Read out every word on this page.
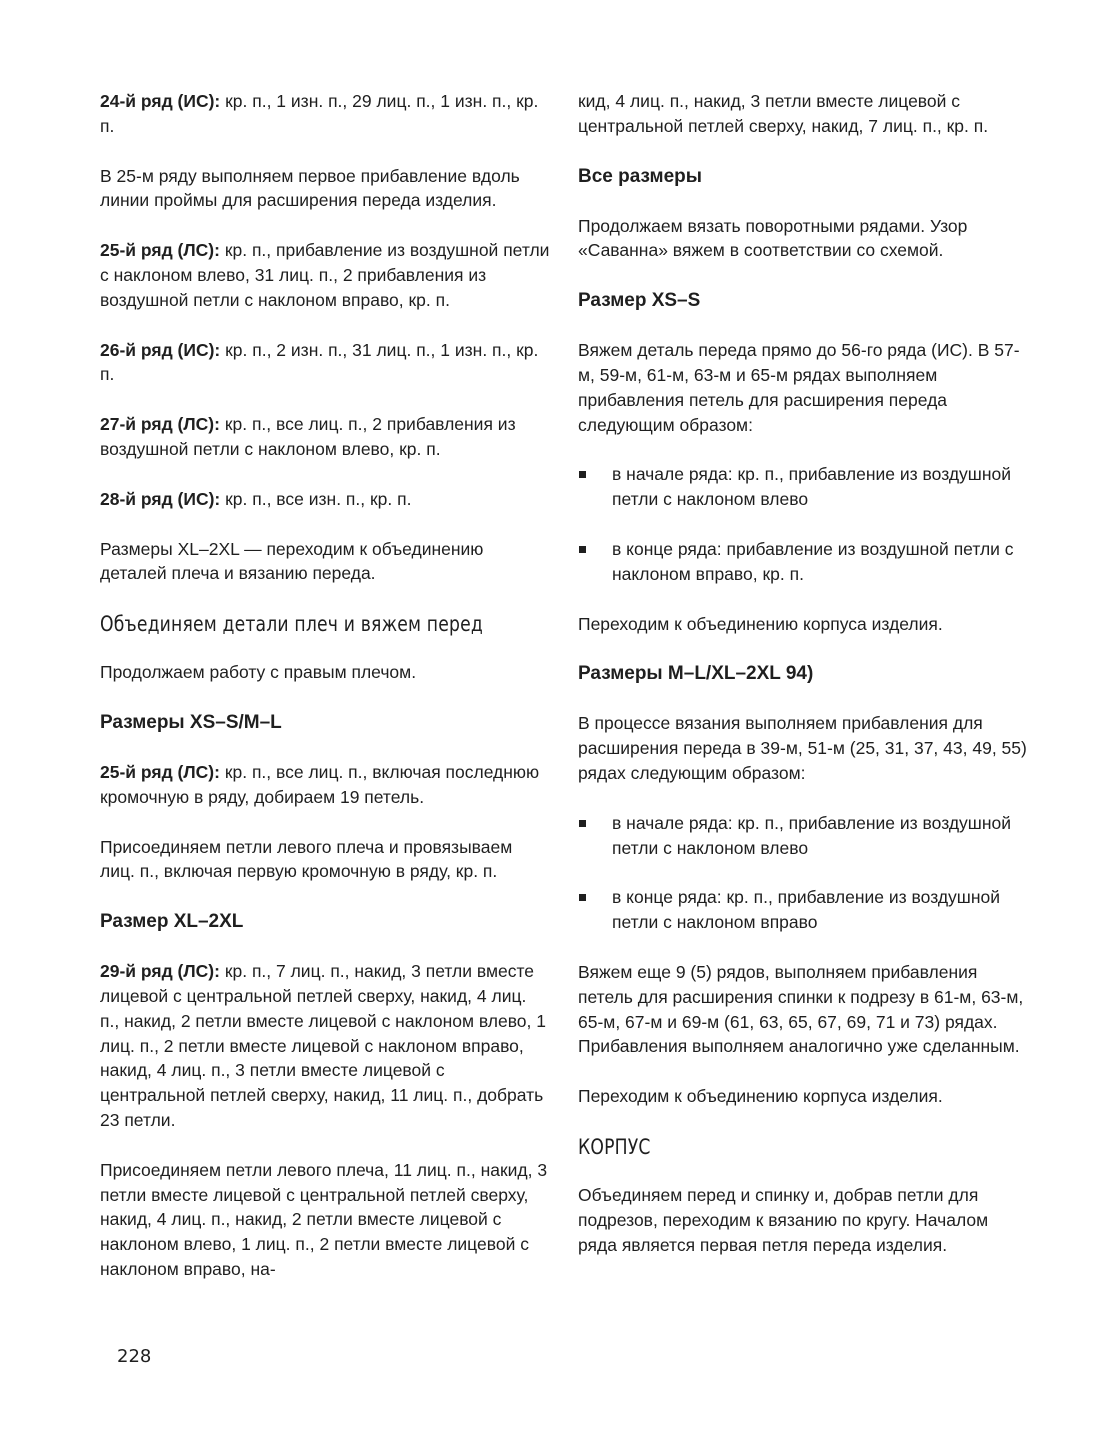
24-й ряд (ИС): кр. п., 1 изн. п., 29 лиц. п., 1 изн. п., кр. п.

В 25-м ряду выполняем первое прибавление вдоль линии проймы для расширения переда изделия.

25-й ряд (ЛС): кр. п., прибавление из воздушной петли с наклоном влево, 31 лиц. п., 2 прибавления из воздушной петли с наклоном вправо, кр. п.

26-й ряд (ИС): кр. п., 2 изн. п., 31 лиц. п., 1 изн. п., кр. п.

27-й ряд (ЛС): кр. п., все лиц. п., 2 прибавления из воздушной петли с наклоном влево, кр. п.

28-й ряд (ИС): кр. п., все изн. п., кр. п.

Размеры XL–2XL — переходим к объединению деталей плеча и вязанию переда.

Объединяем детали плеч и вяжем перед

Продолжаем работу с правым плечом.

Размеры XS–S/M–L

25-й ряд (ЛС): кр. п., все лиц. п., включая последнюю кромочную в ряду, добираем 19 петель.

Присоединяем петли левого плеча и провязываем лиц. п., включая первую кромочную в ряду, кр. п.

Размер XL–2XL

29-й ряд (ЛС): кр. п., 7 лиц. п., накид, 3 петли вместе лицевой с центральной петлей сверху, накид, 4 лиц. п., накид, 2 петли вместе лицевой с наклоном влево, 1 лиц. п., 2 петли вместе лицевой с наклоном вправо, накид, 4 лиц. п., 3 петли вместе лицевой с центральной петлей сверху, накид, 11 лиц. п., добрать 23 петли.

Присоединяем петли левого плеча, 11 лиц. п., накид, 3 петли вместе лицевой с центральной петлей сверху, накид, 4 лиц. п., накид, 2 петли вместе лицевой с наклоном влево, 1 лиц. п., 2 петли вместе лицевой с наклоном вправо, на-

кид, 4 лиц. п., накид, 3 петли вместе лицевой с центральной петлей сверху, накид, 7 лиц. п., кр. п.

Все размеры

Продолжаем вязать поворотными рядами. Узор «Саванна» вяжем в соответствии со схемой.

Размер XS–S

Вяжем деталь переда прямо до 56-го ряда (ИС). В 57-м, 59-м, 61-м, 63-м и 65-м рядах выполняем прибавления петель для расширения переда следующим образом:

в начале ряда: кр. п., прибавление из воздушной петли с наклоном влево
в конце ряда: прибавление из воздушной петли с наклоном вправо, кр. п.

Переходим к объединению корпуса изделия.

Размеры M–L/XL–2XL 94)

В процессе вязания выполняем прибавления для расширения переда в 39-м, 51-м (25, 31, 37, 43, 49, 55) рядах следующим образом:

в начале ряда: кр. п., прибавление из воздушной петли с наклоном влево
в конце ряда: кр. п., прибавление из воздушной петли с наклоном вправо

Вяжем еще 9 (5) рядов, выполняем прибавления петель для расширения спинки к подрезу в 61-м, 63-м, 65-м, 67-м и 69-м (61, 63, 65, 67, 69, 71 и 73) рядах. Прибавления выполняем аналогично уже сделанным.

Переходим к объединению корпуса изделия.

КОРПУС

Объединяем перед и спинку и, добрав петли для подрезов, переходим к вязанию по кругу. Началом ряда является первая петля переда изделия.

228
